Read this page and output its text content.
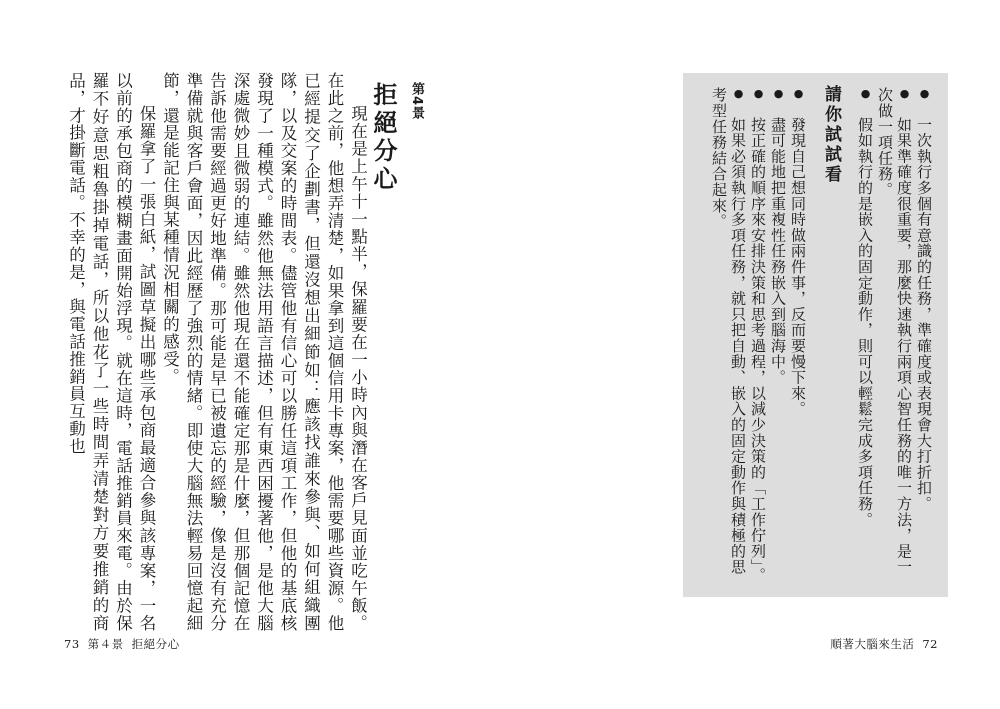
第4景
拒絕分心

現在是上午十一點半，保羅要在一小時內與潛在客戶見面並吃午飯。在此之前，他想弄清楚，如果拿到這個信用卡專案，他需要哪些資源。他已經提交了企劃書，但還沒想出細節如：應該找誰來參與、如何組織團隊，以及交案的時間表。儘管他有信心可以勝任這項工作，但他的基底核發現了一種模式。雖然他無法用語言描述，但有東西困擾著他，是他大腦深處微妙且微弱的連結。雖然他現在還不能確定那是什麼，但那個記憶在告訴他需要經過更好地準備。那可能是早已被遺忘的經驗，像是沒有充分準備就與客戶會面，因此經歷了強烈的情緒。即使大腦無法輕易回憶起細節，還是能記住與某種情況相關的感受。

保羅拿了一張白紙，試圖草擬出哪些承包商最適合參與該專案，一名以前的承包商的模糊畫面開始浮現。就在這時，電話推銷員來電。由於保羅不好意思粗魯掛掉電話，所以他花了一些時間弄清楚對方要推銷的商品，才掛斷電話。不幸的是，與電話推銷員互動也

73 第４景 拒絕分心
●　一次執行多個有意識的任務，準確度或表現會大打折扣。
●　如果準確度很重要，那麼快速執行兩項心智任務的唯一方法，是一次做一項任務。
●　假如執行的是嵌入的固定動作，則可以輕鬆完成多項任務。
請你試試看
●　發現自己想同時做兩件事，反而要慢下來。
●　盡可能地把重複性任務嵌入到腦海中。
●　按正確的順序來安排決策和思考過程，以減少決策的「工作佇列」。
●　如果必須執行多項任務，就只把自動、嵌入的固定動作與積極的思考型任務結合起來。
順著大腦來生活 72
